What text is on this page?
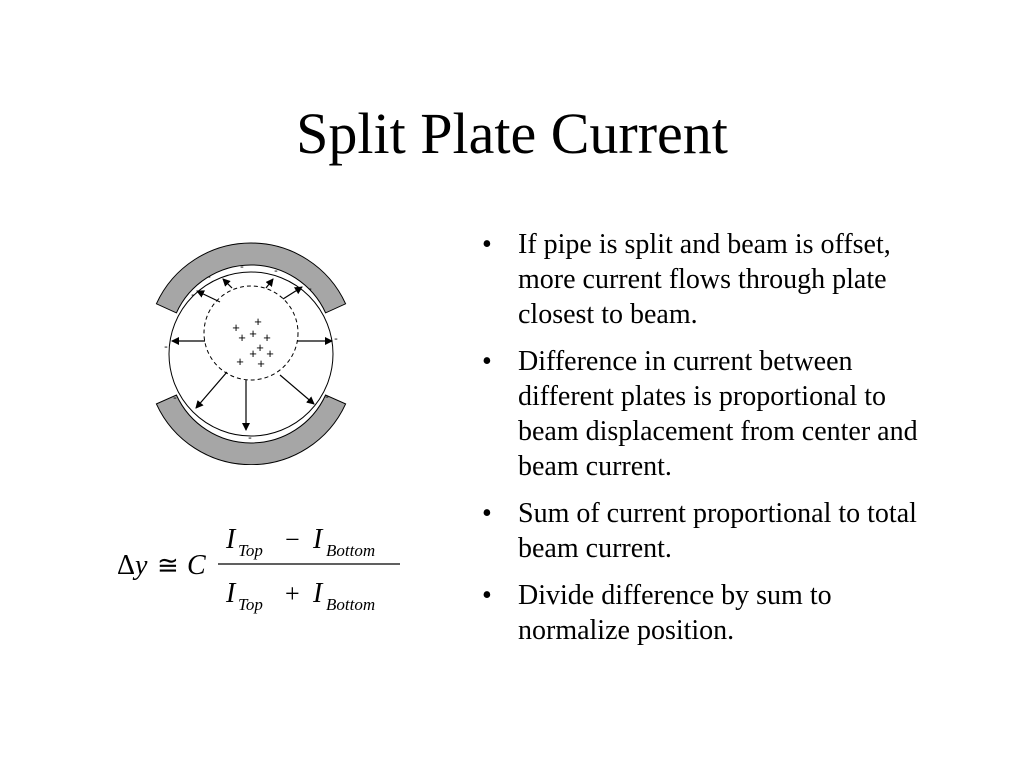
Split Plate Current
+ +
+ + +
+
+ +
+ +
-
-	-
-	-
-
-
-	-
-
Δ y ≅ C
I Top − I Bottom
I Top + I Bottom
• If pipe is split and beam is offset, more current flows through plate closest to beam.
• Difference in current between different plates is proportional to beam displacement from center and beam current.
• Sum of current proportional to total beam current.
• Divide difference by sum to normalize position.
